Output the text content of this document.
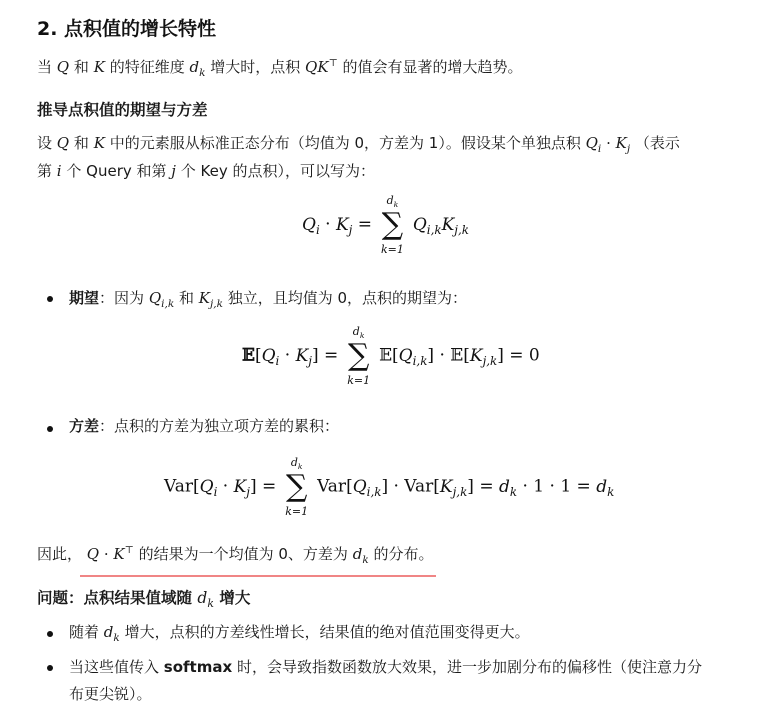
2. 点积值的增长特性
当 Q 和 K 的特征维度 $d_k$ 增大时，点积 QK⊤ 的值会有显著的增大趋势。
推导点积值的期望与方差
设 Q 和 K 中的元素服从标准正态分布（均值为 0，方差为 1）。假设某个单独点积 $Q_i \cdot K_j$ （表示
第 i 个 Query 和第 j 个 Key 的点积），可以写为：
$Q_i \cdot K_j$ =
$d_k$
∑
k=1
$Q_{i,k}K_{j,k}$
期望：因为 $Q_{i,k}$ 和 $K_{j,k}$ 独立，且均值为 0，点积的期望为：
$𝔼[Q_i \cdot K_j]$ =
$d_k$
∑
k=1
$𝔼[Q_{i,k}]$ · $𝔼[K_{j,k}] = 0$
方差：点积的方差为独立项方差的累积：
$Var[Q_i \cdot K_j]$ =
$d_k$
∑
k=1
$Var[Q_{i,k}] \cdot Var[K_{j,k}] = d_k \cdot 1 \cdot 1 = d_k$
因此， Q · K⊤ 的结果为一个均值为 0、方差为 $d_k$ 的分布。
问题：点积结果值域随 $d_k$ 增大
随着 $d_k$ 增大，点积的方差线性增长，结果值的绝对值范围变得更大。
当这些值传入 softmax 时，会导致指数函数放大效果，进一步加剧分布的偏移性（使注意力分
布更尖锐）。
